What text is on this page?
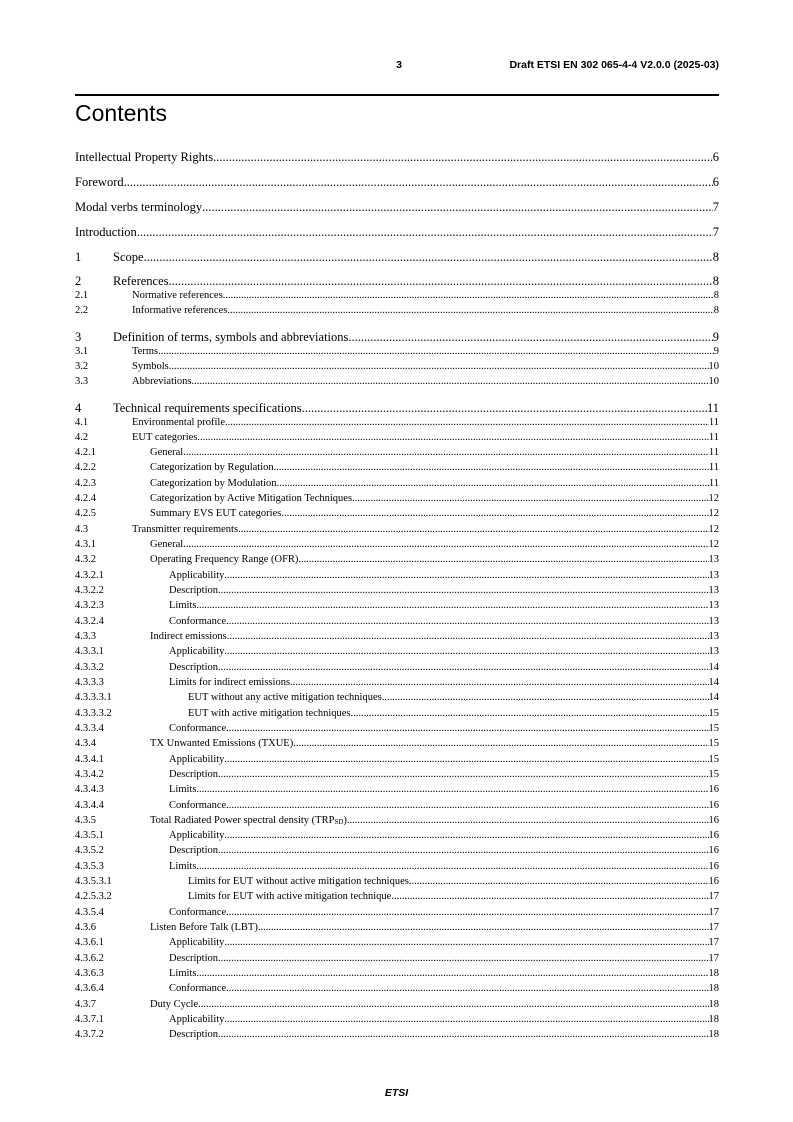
3	Draft ETSI EN 302 065-4-4 V2.0.0 (2025-03)
Contents
Intellectual Property Rights .....	6
Foreword .....	6
Modal verbs terminology .....	7
Introduction .....	7
1	Scope .....	8
2	References .....	8
2.1	Normative references .....	8
2.2	Informative references .....	8
3	Definition of terms, symbols and abbreviations .....	9
3.1	Terms .....	9
3.2	Symbols .....	10
3.3	Abbreviations .....	10
4	Technical requirements specifications .....	11
4.1	Environmental profile .....	11
4.2	EUT categories .....	11
4.2.1	General .....	11
4.2.2	Categorization by Regulation .....	11
4.2.3	Categorization by Modulation .....	11
4.2.4	Categorization by Active Mitigation Techniques .....	12
4.2.5	Summary EVS EUT categories .....	12
4.3	Transmitter requirements .....	12
4.3.1	General .....	12
4.3.2	Operating Frequency Range (OFR) .....	13
4.3.2.1	Applicability .....	13
4.3.2.2	Description .....	13
4.3.2.3	Limits .....	13
4.3.2.4	Conformance .....	13
4.3.3	Indirect emissions .....	13
4.3.3.1	Applicability .....	13
4.3.3.2	Description .....	14
4.3.3.3	Limits for indirect emissions .....	14
4.3.3.3.1	EUT without any active mitigation techniques .....	14
4.3.3.3.2	EUT with active mitigation techniques .....	15
4.3.3.4	Conformance .....	15
4.3.4	TX Unwanted Emissions (TXUE) .....	15
4.3.4.1	Applicability .....	15
4.3.4.2	Description .....	15
4.3.4.3	Limits .....	16
4.3.4.4	Conformance .....	16
4.3.5	Total Radiated Power spectral density $(TRP_{SD})$ .....	16
4.3.5.1	Applicability .....	16
4.3.5.2	Description .....	16
4.3.5.3	Limits .....	16
4.3.5.3.1	Limits for EUT without active mitigation techniques .....	16
4.2.5.3.2	Limits for EUT with active mitigation technique .....	17
4.3.5.4	Conformance .....	17
4.3.6	Listen Before Talk (LBT) .....	17
4.3.6.1	Applicability .....	17
4.3.6.2	Description .....	17
4.3.6.3	Limits .....	18
4.3.6.4	Conformance .....	18
4.3.7	Duty Cycle .....	18
4.3.7.1	Applicability .....	18
4.3.7.2	Description .....	18
ETSI
